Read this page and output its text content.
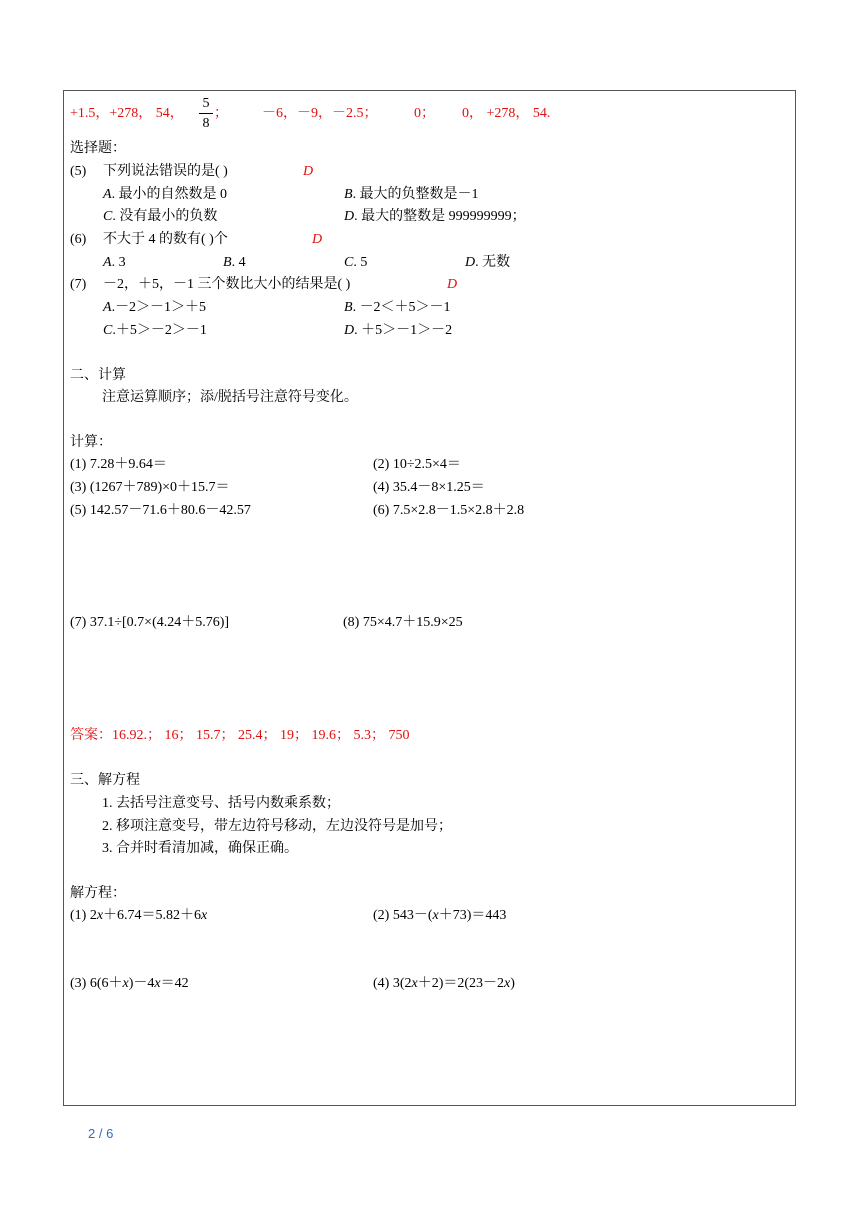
+1.5，+278， 54，
5
8
； －6，－9，－2.5；	0； 0， +278， 54.
选择题：
(5) 下列说法错误的是( )	D
A. 最小的自然数是 0	B. 最大的负整数是－1
C. 没有最小的负数	D. 最大的整数是 999999999；
(6) 不大于 4 的数有( )个	D
A. 3	B. 4	C. 5	D. 无数
(7) －2，＋5，－1 三个数比大小的结果是( )	D
A.－2＞－1＞＋5	B. －2＜＋5＞－1
C.＋5＞－2＞－1	D. ＋5＞－1＞－2
二、计算
注意运算顺序；添/脱括号注意符号变化。
计算：
(1) 7.28＋9.64＝	(2) 10÷2.5×4＝
(3) (1267＋789)×0＋15.7＝	(4) 35.4－8×1.25＝
(5) 142.57－71.6＋80.6－42.57	(6) 7.5×2.8－1.5×2.8＋2.8
(7) 37.1÷[0.7×(4.24＋5.76)]	(8) 75×4.7＋15.9×25
答案：16.92.； 16； 15.7； 25.4； 19； 19.6； 5.3； 750
三、解方程
1. 去括号注意变号、括号内数乘系数；
2. 移项注意变号，带左边符号移动，左边没符号是加号；
3. 合并时看清加减，确保正确。
解方程：
(1) 2x＋6.74＝5.82＋6x	(2) 543－(x＋73)＝443
(3) 6(6＋x)－4x＝42	(4) 3(2x＋2)＝2(23－2x)
2 / 6
